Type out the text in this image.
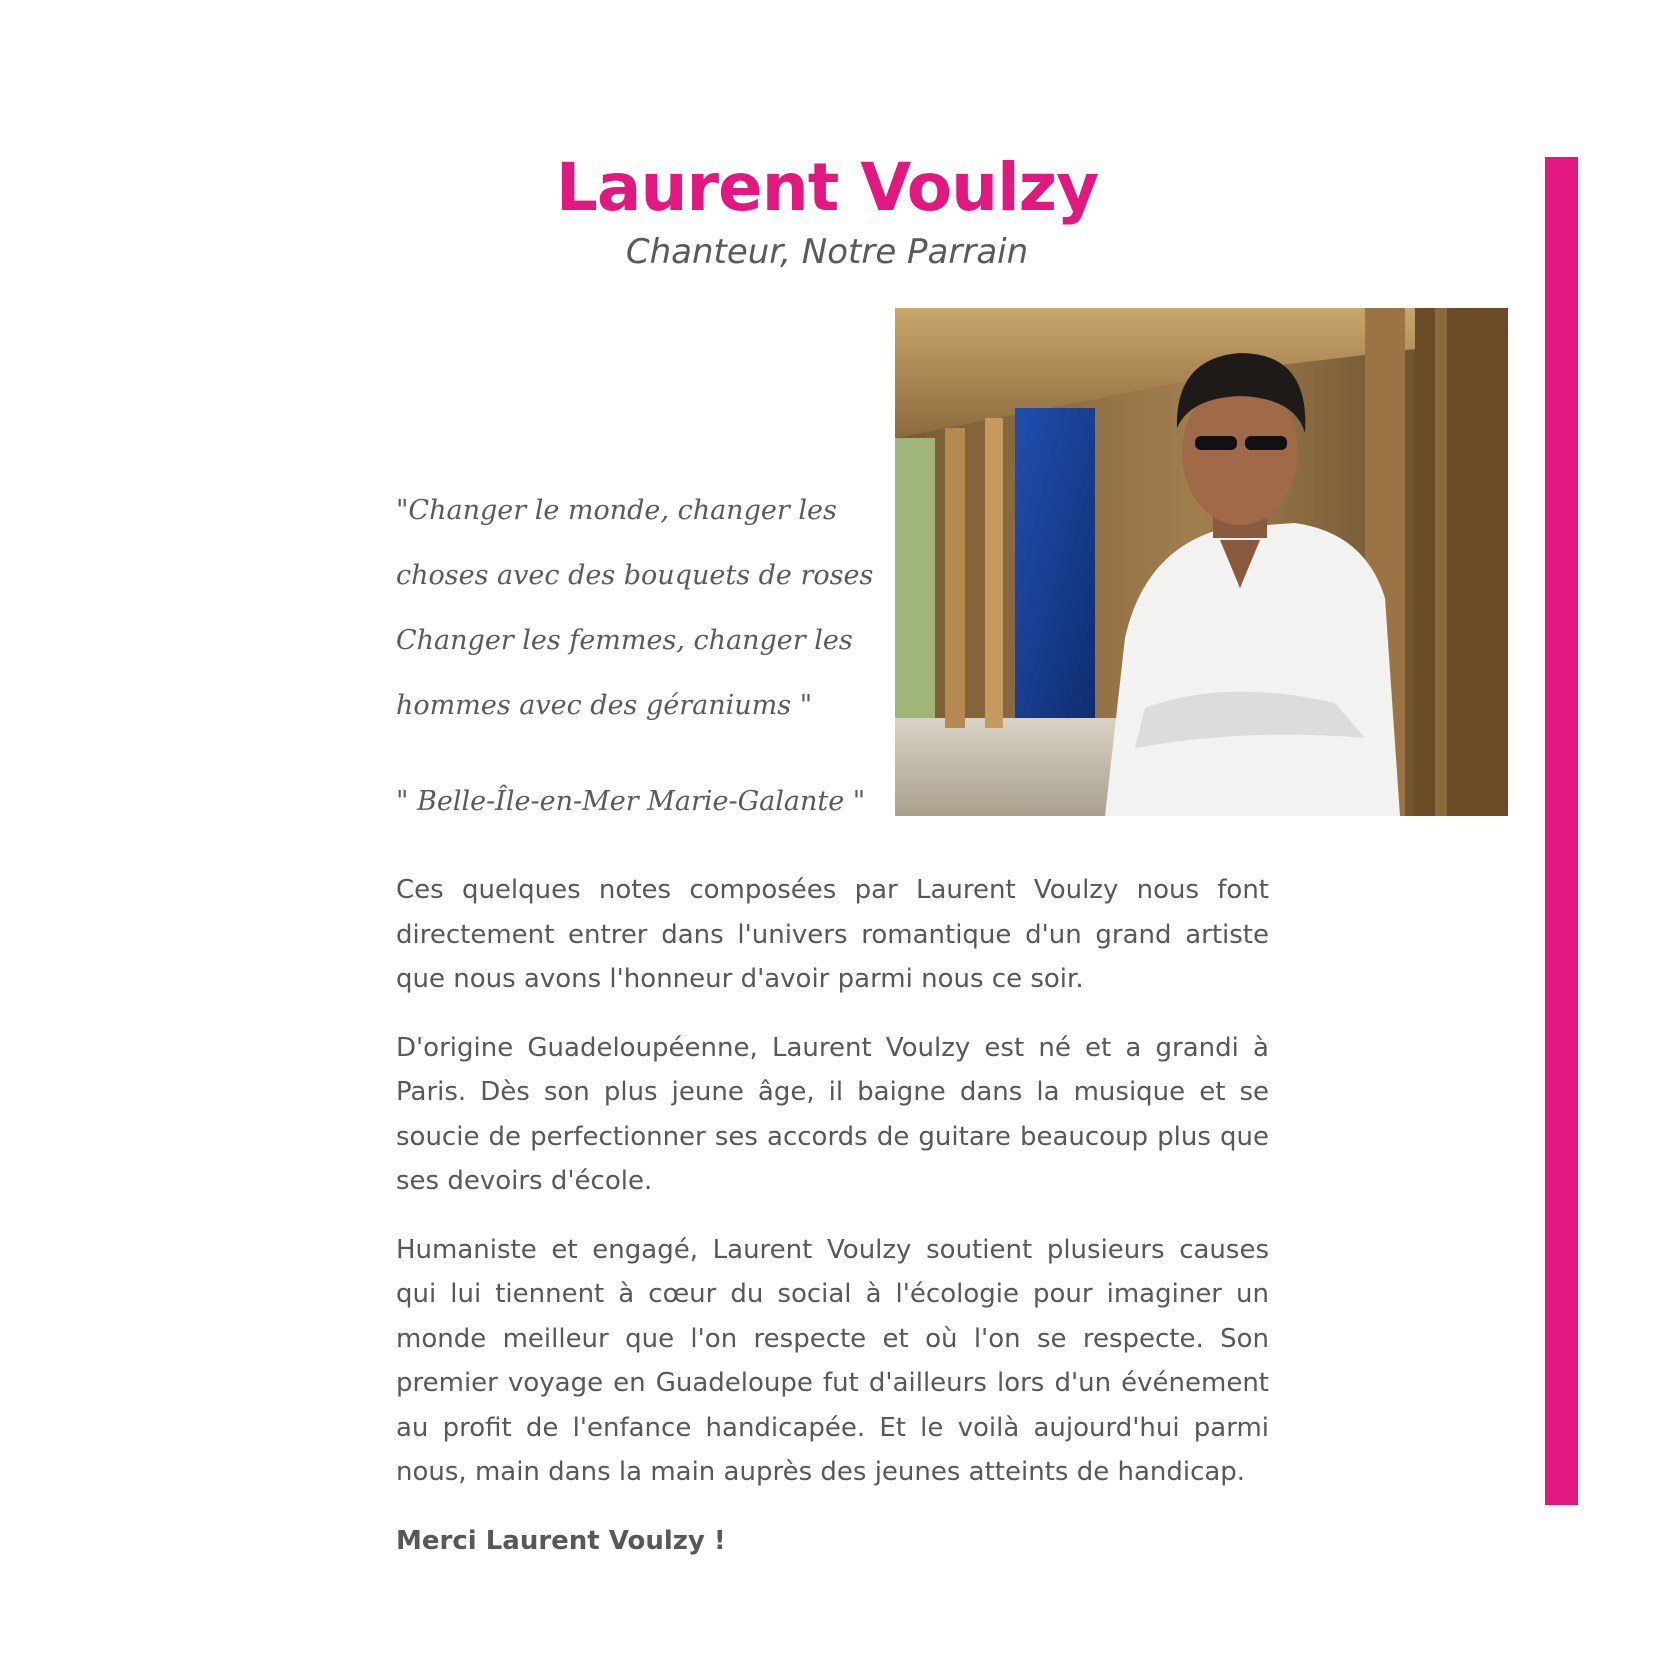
Laurent Voulzy
Chanteur, Notre Parrain
"Changer le monde, changer les
choses avec des bouquets de roses
Changer les femmes, changer les
hommes avec des géraniums "
" Belle-Île-en-Mer Marie-Galante "

Ces quelques notes composées par Laurent Voulzy nous font directement entrer dans l'univers romantique d'un grand artiste que nous avons l'honneur d'avoir parmi nous ce soir.

D'origine Guadeloupéenne, Laurent Voulzy est né et a grandi à Paris. Dès son plus jeune âge, il baigne dans la musique et se soucie de perfectionner ses accords de guitare beaucoup plus que ses devoirs d'école.

Humaniste et engagé, Laurent Voulzy soutient plusieurs causes qui lui tiennent à cœur du social à l'écologie pour imaginer un monde meilleur que l'on respecte et où l'on se respecte. Son premier voyage en Guadeloupe fut d'ailleurs lors d'un événement au profit de l'enfance handicapée. Et le voilà aujourd'hui parmi nous, main dans la main auprès des jeunes atteints de handicap.

Merci Laurent Voulzy !
